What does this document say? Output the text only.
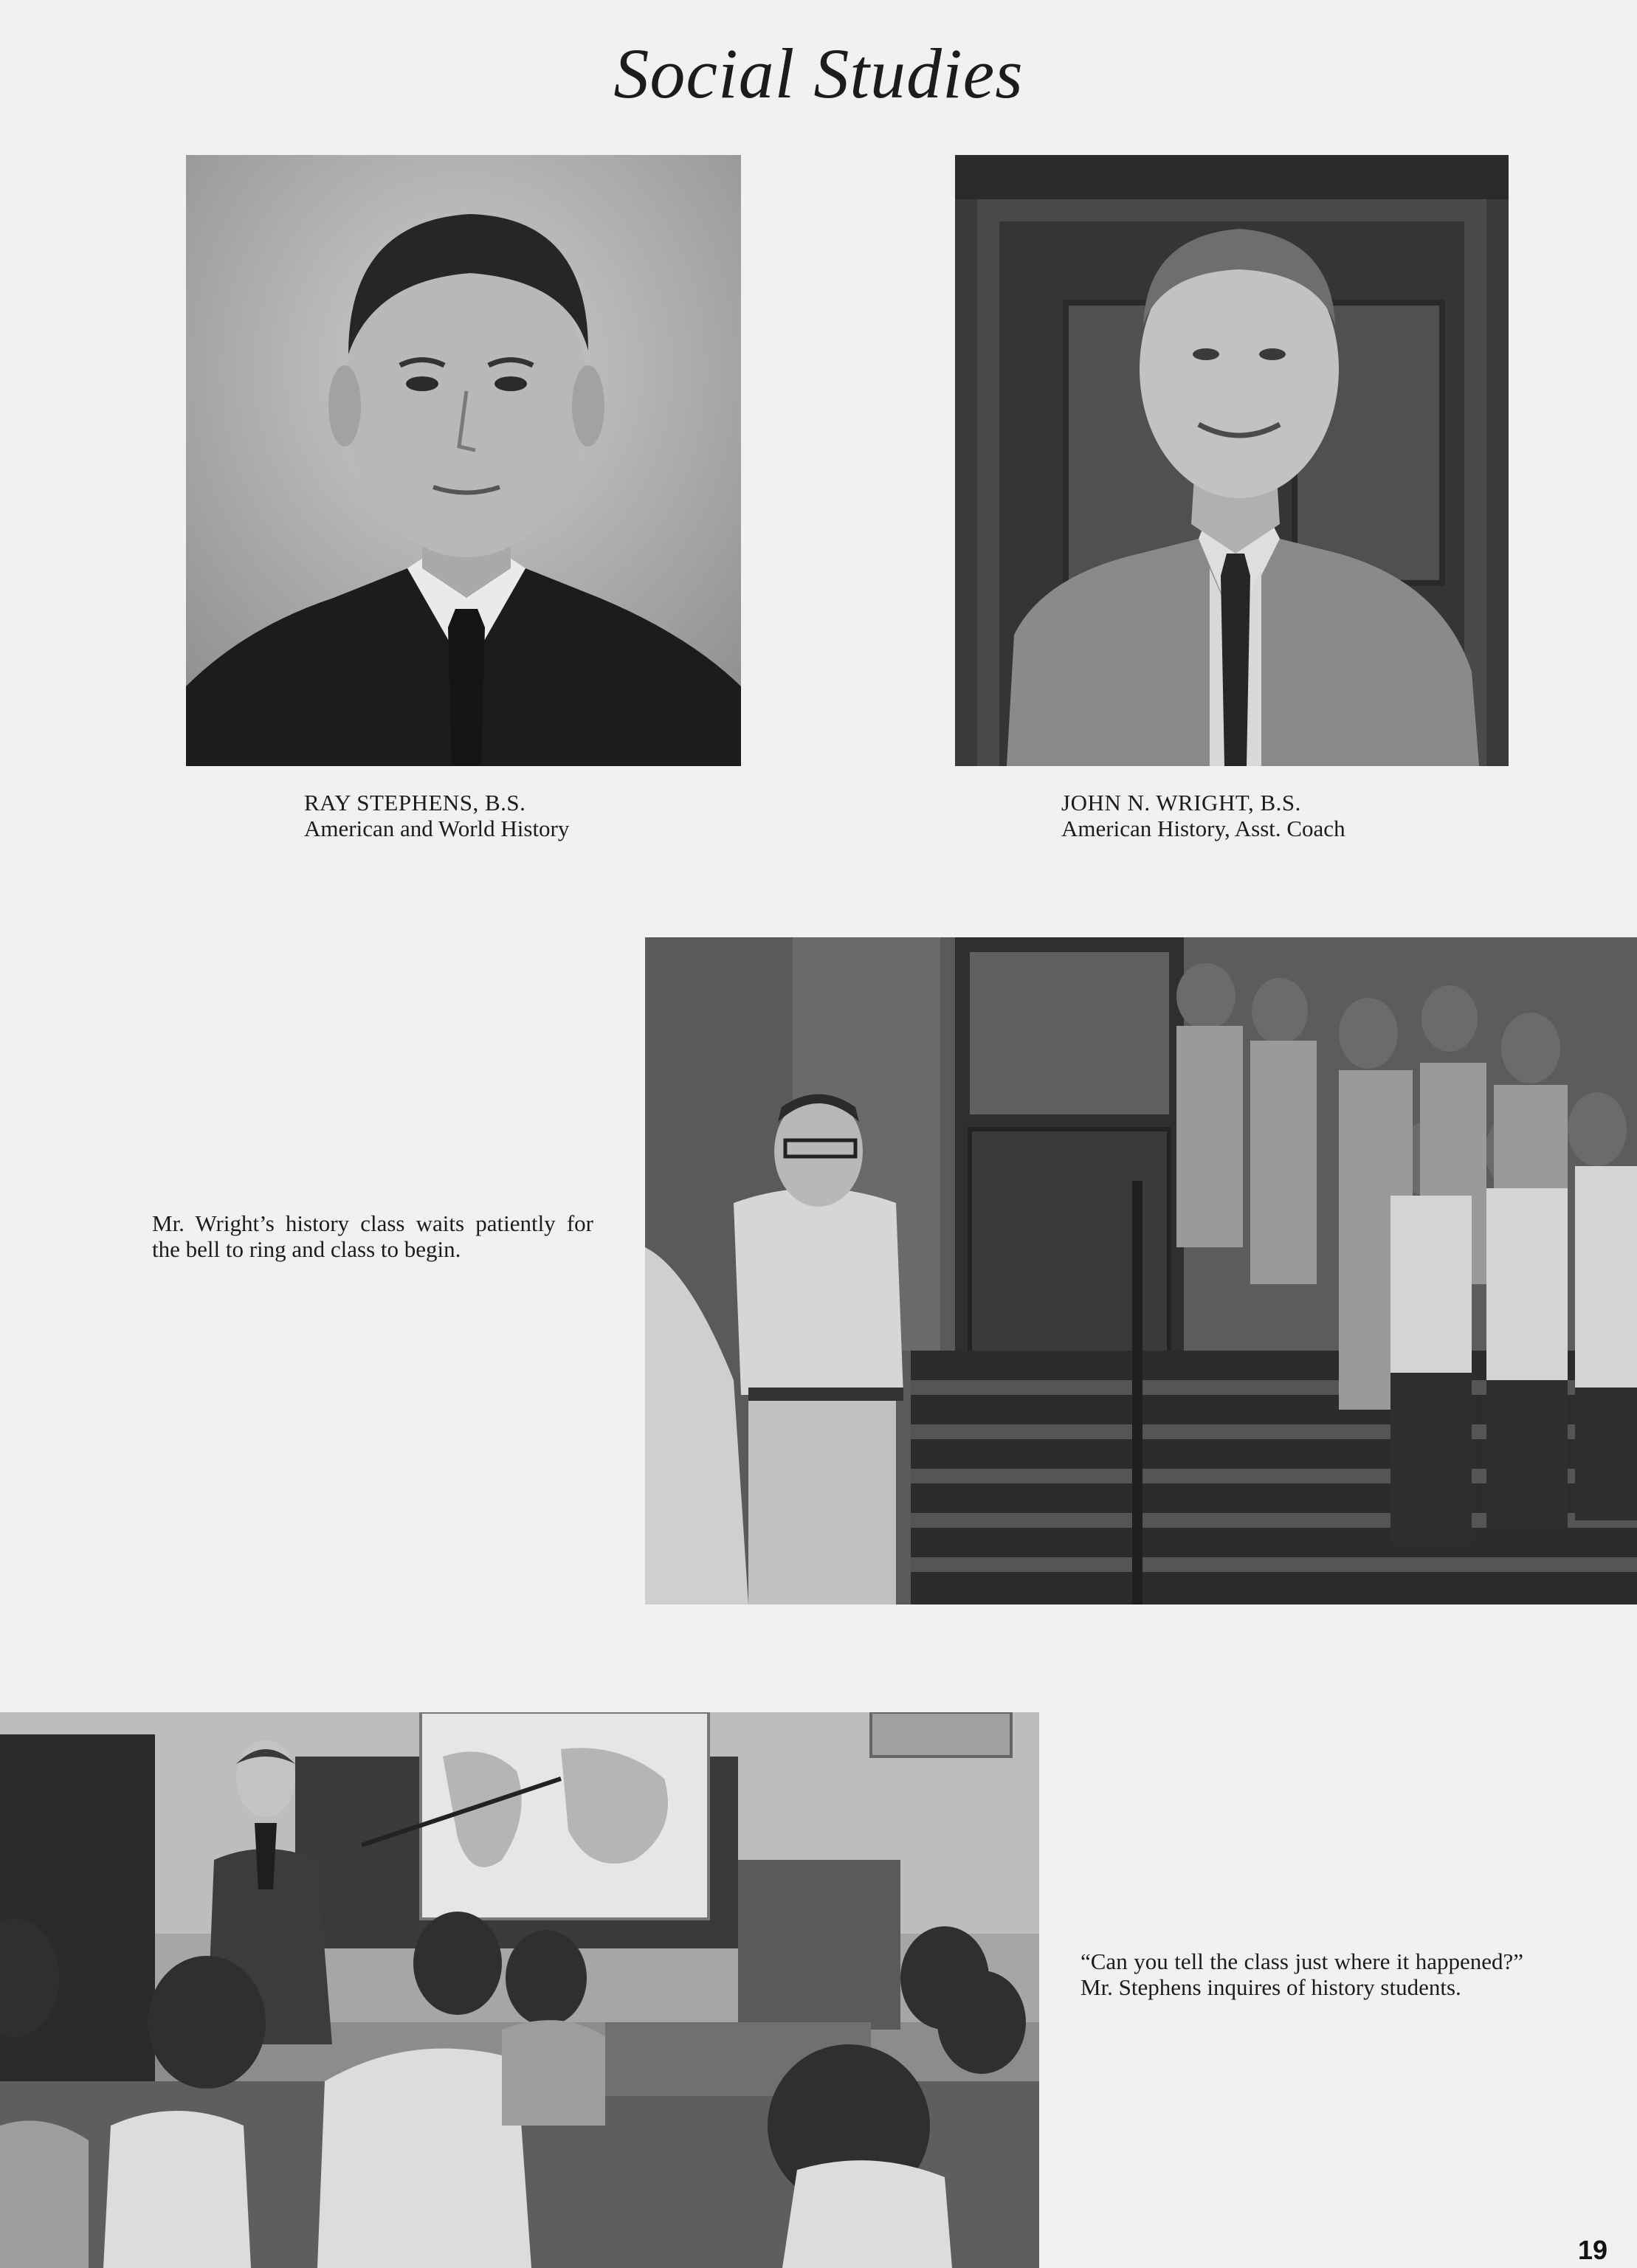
Social Studies
RAY STEPHENS, B.S.
American and World History
JOHN N. WRIGHT, B.S.
American History, Asst. Coach

Mr. Wright’s history class waits patiently for the bell to ring and class to begin.

“Can you tell the class just where it happened?” Mr. Stephens inquires of history students.

19
